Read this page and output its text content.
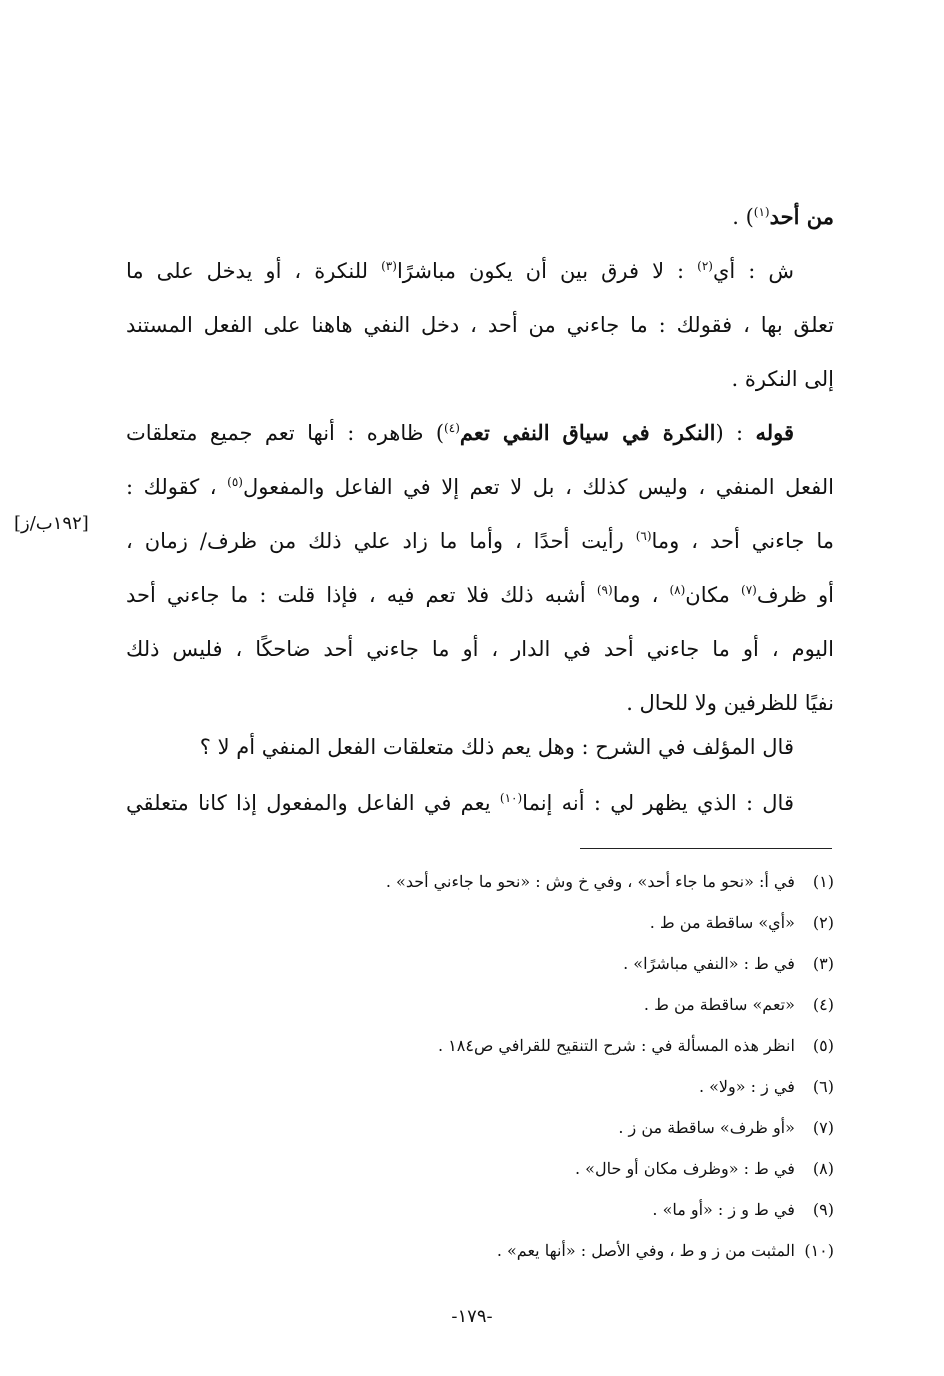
من أحد$^{(١)}$) .
ش : أي$^{(٢)}$ : لا فرق بين أن يكون مباشرًا$^{(٣)}$ للنكرة ، أو يدخل على ما
تعلق بها ، فقولك : ما جاءني من أحد ، دخل النفي هاهنا على الفعل المستند
إلى النكرة .
قوله : (النكرة في سياق النفي تعم$^{(٤)}$) ظاهره : أنها تعم جميع متعلقات
الفعل المنفي ، وليس كذلك ، بل لا تعم إلا في الفاعل والمفعول$^{(٥)}$ ، كقولك :
ما جاءني أحد ، وما$^{(٦)}$ رأيت أحدًا ، وأما ما زاد علي ذلك من ظرف/ زمان ،
أو ظرف$^{(٧)}$ مكان$^{(٨)}$ ، وما$^{(٩)}$ أشبه ذلك فلا تعم فيه ، فإذا قلت : ما جاءني أحد
اليوم ، أو ما جاءني أحد في الدار ، أو ما جاءني أحد ضاحكًا ، فليس ذلك
نفيًا للظرفين ولا للحال .
[١٩٢ب/ز]
قال المؤلف في الشرح : وهل يعم ذلك متعلقات الفعل المنفي أم لا ؟
قال : الذي يظهر لي : أنه إنما$^{(١٠)}$ يعم في الفاعل والمفعول إذا كانا متعلقي
(١) في أ: «نحو ما جاء أحد» ، وفي خ وش : «نحو ما جاءني أحد» .
(٢) «أي» ساقطة من ط .
(٣) في ط : «النفي مباشرًا» .
(٤) «تعم» ساقطة من ط .
(٥) انظر هذه المسألة في : شرح التنقيح للقرافي ص١٨٤ .
(٦) في ز : «ولا» .
(٧) «أو ظرف» ساقطة من ز .
(٨) في ط : «وظرف مكان أو حال» .
(٩) في ط و ز : «أو ما» .
(١٠) المثبت من ز و ط ، وفي الأصل : «أنها يعم» .
-١٧٩-
